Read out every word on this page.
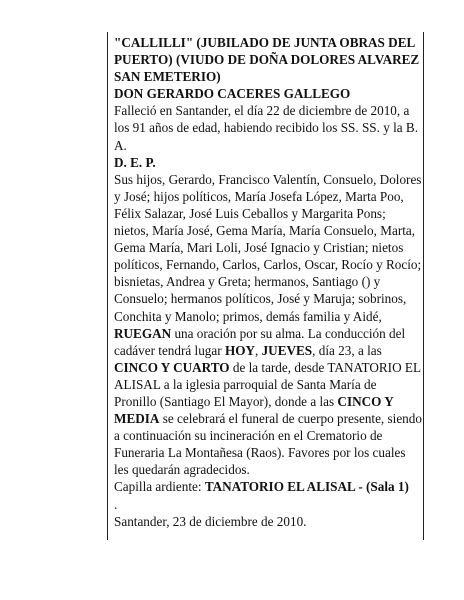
"CALLILLI" (JUBILADO DE JUNTA OBRAS DEL PUERTO) (VIUDO DE DOÑA DOLORES ALVAREZ SAN EMETERIO)

DON GERARDO CACERES GALLEGO

Falleció en Santander, el día 22 de diciembre de 2010, a los 91 años de edad, habiendo recibido los SS. SS. y la B. A.

D. E. P.

Sus hijos, Gerardo, Francisco Valentín, Consuelo, Dolores y José; hijos políticos, María Josefa López, Marta Poo, Félix Salazar, José Luis Ceballos y Margarita Pons; nietos, María José, Gema María, María Consuelo, Marta, Gema María, Mari Loli, José Ignacio y Cristian; nietos políticos, Fernando, Carlos, Carlos, Oscar, Rocío y Rocío; bisnietas, Andrea y Greta; hermanos, Santiago () y Consuelo; hermanos políticos, José y Maruja; sobrinos, Conchita y Manolo; primos, demás familia y Aidé,

RUEGAN una oración por su alma. La conducción del cadáver tendrá lugar HOY, JUEVES, día 23, a las CINCO Y CUARTO de la tarde, desde TANATORIO EL ALISAL a la iglesia parroquial de Santa María de Pronillo (Santiago El Mayor), donde a las CINCO Y MEDIA se celebrará el funeral de cuerpo presente, siendo a continuación su incineración en el Crematorio de Funeraria La Montañesa (Raos). Favores por los cuales les quedarán agradecidos.

Capilla ardiente: TANATORIO EL ALISAL - (Sala 1)

.

Santander, 23 de diciembre de 2010.
